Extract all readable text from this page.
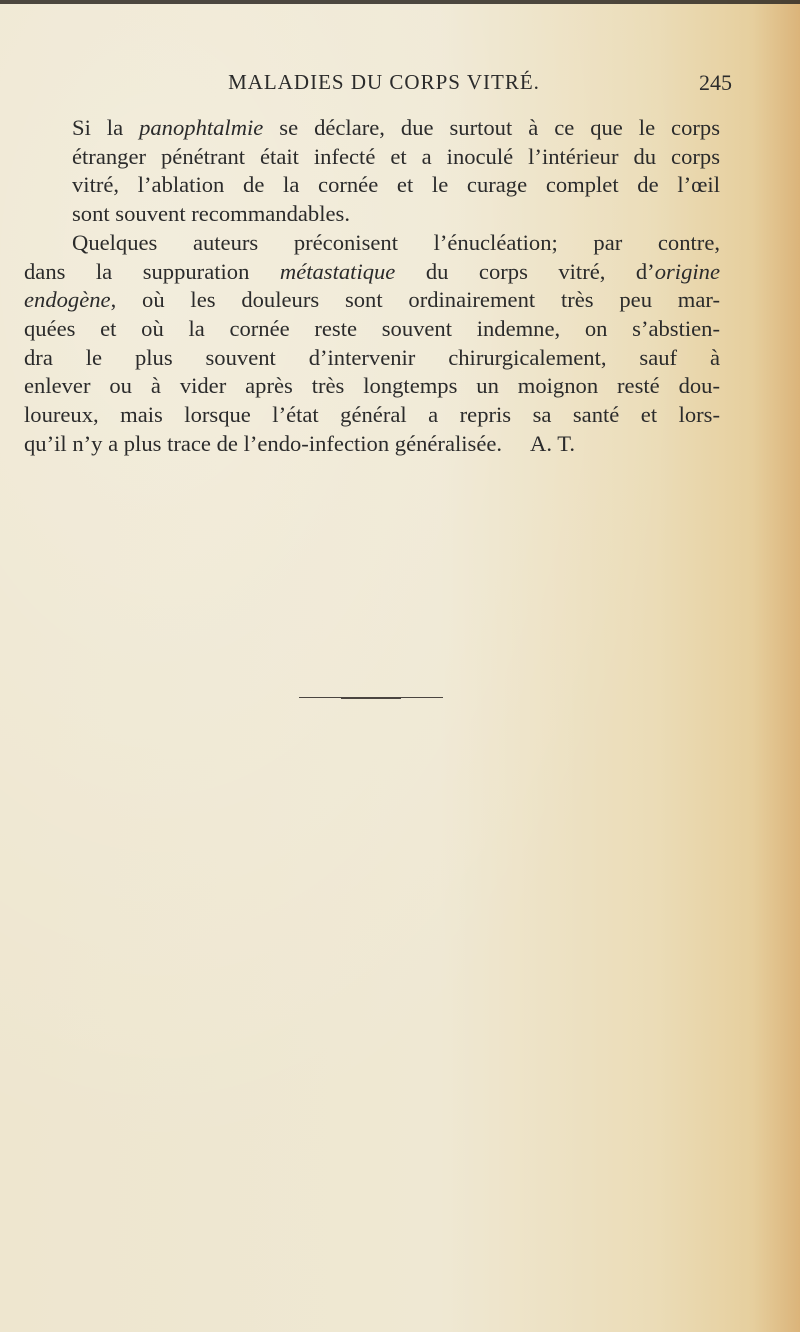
MALADIES DU CORPS VITRÉ.	245

Si la panophtalmie se déclare, due surtout à ce que le corps
étranger pénétrant était infecté et a inoculé l’intérieur du corps
vitré, l’ablation de la cornée et le curage complet de l’œil
sont souvent recommandables.

Quelques auteurs préconisent l’énucléation; par contre,
dans la suppuration métastatique du corps vitré, d’origine
endogène, où les douleurs sont ordinairement très peu mar-
quées et où la cornée reste souvent indemne, on s’abstien-
dra le plus souvent d’intervenir chirurgicalement, sauf à
enlever ou à vider après très longtemps un moignon resté dou-
loureux, mais lorsque l’état général a repris sa santé et lors-
qu’il n’y a plus trace de l’endo-infection généralisée. A. T.
